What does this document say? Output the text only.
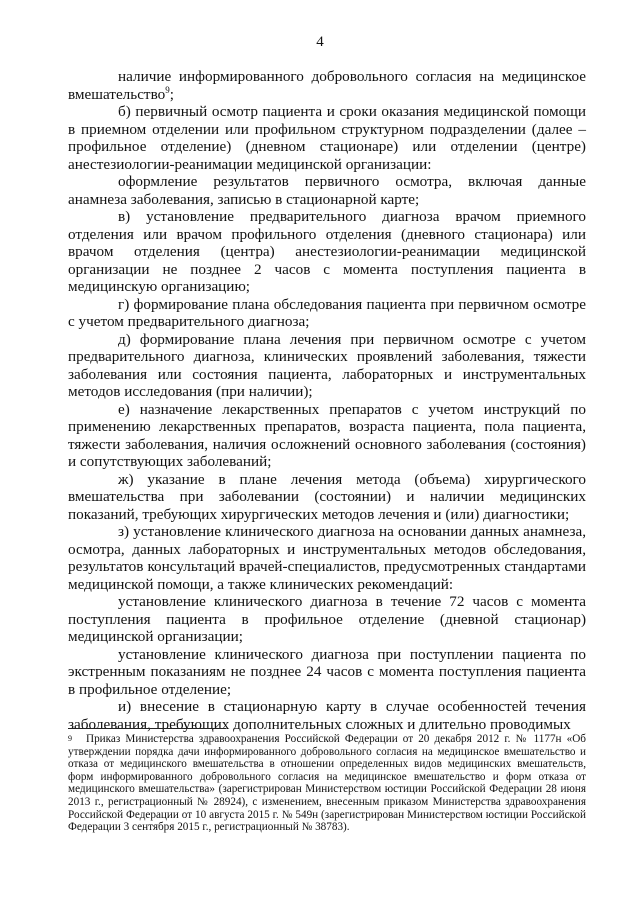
4

наличие информированного добровольного согласия на медицинское вмешательство$^9$;

б) первичный осмотр пациента и сроки оказания медицинской помощи в приемном отделении или профильном структурном подразделении (далее – профильное отделение) (дневном стационаре) или отделении (центре) анестезиологии-реанимации медицинской организации:

оформление результатов первичного осмотра, включая данные анамнеза заболевания, записью в стационарной карте;

в) установление предварительного диагноза врачом приемного отделения или врачом профильного отделения (дневного стационара) или врачом отделения (центра) анестезиологии-реанимации медицинской организации не позднее 2 часов с момента поступления пациента в медицинскую организацию;

г) формирование плана обследования пациента при первичном осмотре с учетом предварительного диагноза;

д) формирование плана лечения при первичном осмотре с учетом предварительного диагноза, клинических проявлений заболевания, тяжести заболевания или состояния пациента, лабораторных и инструментальных методов исследования (при наличии);

е) назначение лекарственных препаратов с учетом инструкций по применению лекарственных препаратов, возраста пациента, пола пациента, тяжести заболевания, наличия осложнений основного заболевания (состояния) и сопутствующих заболеваний;

ж) указание в плане лечения метода (объема) хирургического вмешательства при заболевании (состоянии) и наличии медицинских показаний, требующих хирургических методов лечения и (или) диагностики;

з) установление клинического диагноза на основании данных анамнеза, осмотра, данных лабораторных и инструментальных методов обследования, результатов консультаций врачей-специалистов, предусмотренных стандартами медицинской помощи, а также клинических рекомендаций:

установление клинического диагноза в течение 72 часов с момента поступления пациента в профильное отделение (дневной стационар) медицинской организации;

установление клинического диагноза при поступлении пациента по экстренным показаниям не позднее 24 часов с момента поступления пациента в профильное отделение;

и) внесение в стационарную карту в случае особенностей течения заболевания, требующих дополнительных сложных и длительно проводимых

$^9$ Приказ Министерства здравоохранения Российской Федерации от 20 декабря 2012 г. № 1177н «Об утверждении порядка дачи информированного добровольного согласия на медицинское вмешательство и отказа от медицинского вмешательства в отношении определенных видов медицинских вмешательств, форм информированного добровольного согласия на медицинское вмешательство и форм отказа от медицинского вмешательства» (зарегистрирован Министерством юстиции Российской Федерации 28 июня 2013 г., регистрационный № 28924), с изменением, внесенным приказом Министерства здравоохранения Российской Федерации от 10 августа 2015 г. № 549н (зарегистрирован Министерством юстиции Российской Федерации 3 сентября 2015 г., регистрационный № 38783).
